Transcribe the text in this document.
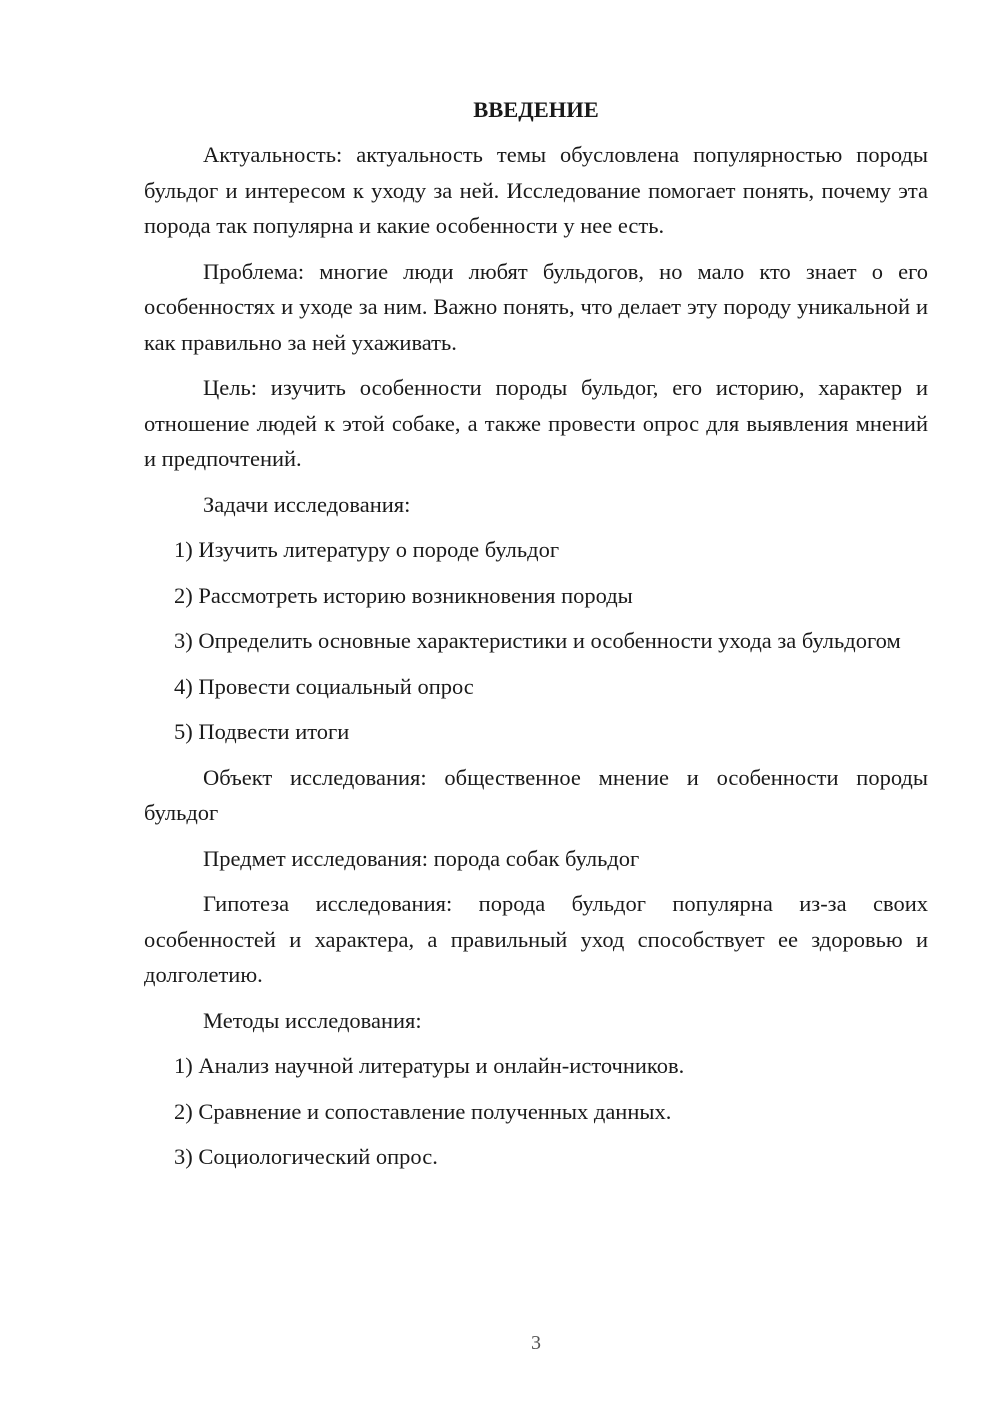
ВВЕДЕНИЕ
Актуальность: актуальность темы обусловлена популярностью породы бульдог и интересом к уходу за ней. Исследование помогает понять, почему эта порода так популярна и какие особенности у нее есть.
Проблема: многие люди любят бульдогов, но мало кто знает о его особенностях и уходе за ним. Важно понять, что делает эту породу уникальной и как правильно за ней ухаживать.
Цель: изучить особенности породы бульдог, его историю, характер и отношение людей к этой собаке, а также провести опрос для выявления мнений и предпочтений.
Задачи исследования:
1) Изучить литературу о породе бульдог
2) Рассмотреть историю возникновения породы
3) Определить основные характеристики и особенности ухода за бульдогом
4) Провести социальный опрос
5) Подвести итоги
Объект исследования: общественное мнение и особенности породы бульдог
Предмет исследования: порода собак бульдог
Гипотеза исследования: порода бульдог популярна из-за своих особенностей и характера, а правильный уход способствует ее здоровью и долголетию.
Методы исследования:
1) Анализ научной литературы и онлайн-источников.
2) Сравнение и сопоставление полученных данных.
3) Социологический опрос.
3
